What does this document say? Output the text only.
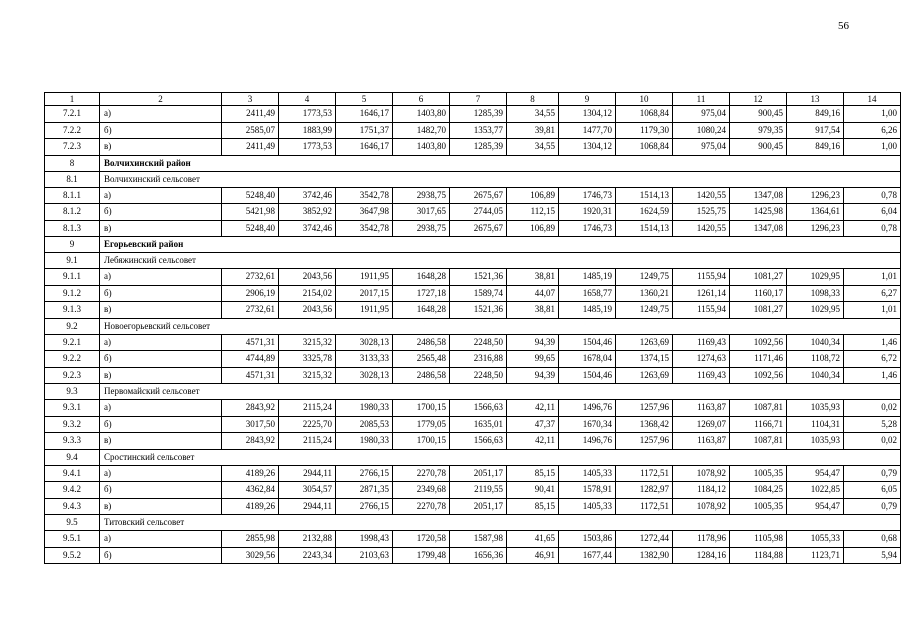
56
1	2	3	4	5	6	7	8	9	10	11	12	13	14
7.2.1	а)	2411,49	1773,53	1646,17	1403,80	1285,39	34,55	1304,12	1068,84	975,04	900,45	849,16	1,00
7.2.2	б)	2585,07	1883,99	1751,37	1482,70	1353,77	39,81	1477,70	1179,30	1080,24	979,35	917,54	6,26
7.2.3	в)	2411,49	1773,53	1646,17	1403,80	1285,39	34,55	1304,12	1068,84	975,04	900,45	849,16	1,00
8	Волчихинский район												
8.1	Волчихинский сельсовет												
8.1.1	а)	5248,40	3742,46	3542,78	2938,75	2675,67	106,89	1746,73	1514,13	1420,55	1347,08	1296,23	0,78
8.1.2	б)	5421,98	3852,92	3647,98	3017,65	2744,05	112,15	1920,31	1624,59	1525,75	1425,98	1364,61	6,04
8.1.3	в)	5248,40	3742,46	3542,78	2938,75	2675,67	106,89	1746,73	1514,13	1420,55	1347,08	1296,23	0,78
9	Егорьевский район												
9.1	Лебяжинский сельсовет												
9.1.1	а)	2732,61	2043,56	1911,95	1648,28	1521,36	38,81	1485,19	1249,75	1155,94	1081,27	1029,95	1,01
9.1.2	б)	2906,19	2154,02	2017,15	1727,18	1589,74	44,07	1658,77	1360,21	1261,14	1160,17	1098,33	6,27
9.1.3	в)	2732,61	2043,56	1911,95	1648,28	1521,36	38,81	1485,19	1249,75	1155,94	1081,27	1029,95	1,01
9.2	Новоегорьевский сельсовет												
9.2.1	а)	4571,31	3215,32	3028,13	2486,58	2248,50	94,39	1504,46	1263,69	1169,43	1092,56	1040,34	1,46
9.2.2	б)	4744,89	3325,78	3133,33	2565,48	2316,88	99,65	1678,04	1374,15	1274,63	1171,46	1108,72	6,72
9.2.3	в)	4571,31	3215,32	3028,13	2486,58	2248,50	94,39	1504,46	1263,69	1169,43	1092,56	1040,34	1,46
9.3	Первомайский сельсовет												
9.3.1	а)	2843,92	2115,24	1980,33	1700,15	1566,63	42,11	1496,76	1257,96	1163,87	1087,81	1035,93	0,02
9.3.2	б)	3017,50	2225,70	2085,53	1779,05	1635,01	47,37	1670,34	1368,42	1269,07	1166,71	1104,31	5,28
9.3.3	в)	2843,92	2115,24	1980,33	1700,15	1566,63	42,11	1496,76	1257,96	1163,87	1087,81	1035,93	0,02
9.4	Сростинский сельсовет												
9.4.1	а)	4189,26	2944,11	2766,15	2270,78	2051,17	85,15	1405,33	1172,51	1078,92	1005,35	954,47	0,79
9.4.2	б)	4362,84	3054,57	2871,35	2349,68	2119,55	90,41	1578,91	1282,97	1184,12	1084,25	1022,85	6,05
9.4.3	в)	4189,26	2944,11	2766,15	2270,78	2051,17	85,15	1405,33	1172,51	1078,92	1005,35	954,47	0,79
9.5	Титовский сельсовет												
9.5.1	а)	2855,98	2132,88	1998,43	1720,58	1587,98	41,65	1503,86	1272,44	1178,96	1105,98	1055,33	0,68
9.5.2	б)	3029,56	2243,34	2103,63	1799,48	1656,36	46,91	1677,44	1382,90	1284,16	1184,88	1123,71	5,94
